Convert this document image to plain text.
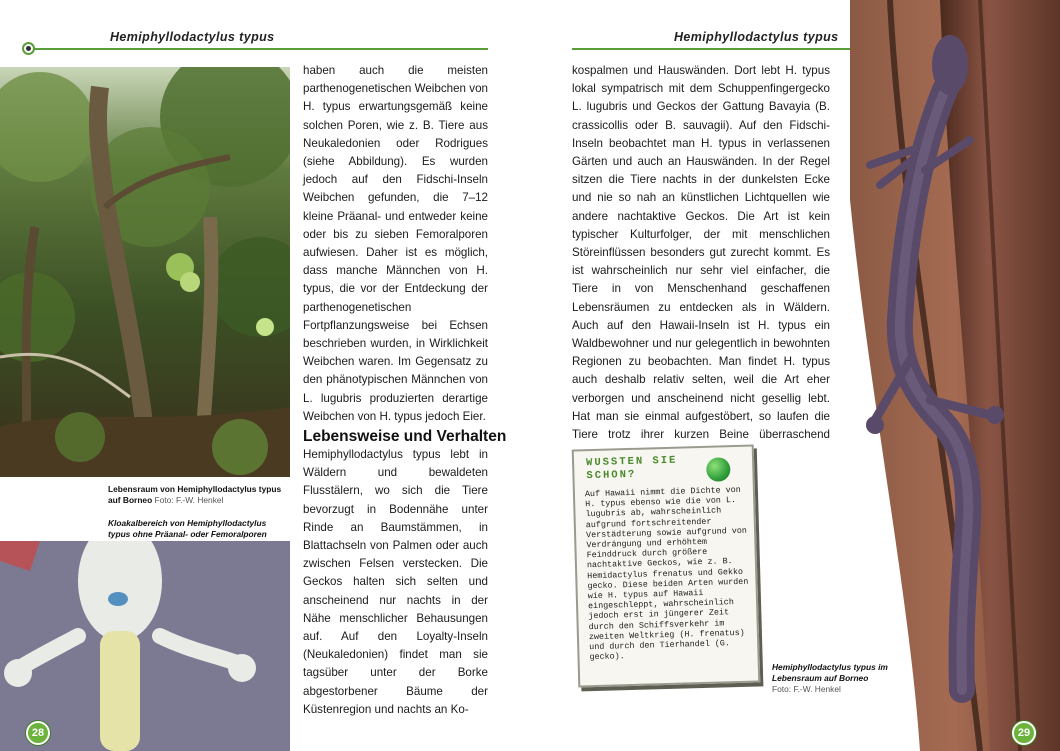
Hemiphyllodactylus typus
Lebensraum von Hemiphyllodactylus typus auf Borneo Foto: F.-W. Henkel
Kloakalbereich von Hemiphyllodactylus typus ohne Präanal- oder Femoralporen

haben auch die meisten parthenogenetischen Weibchen von H. typus erwartungsgemäß keine solchen Poren, wie z. B. Tiere aus Neukaledonien oder Rodrigues (siehe Abbildung). Es wurden jedoch auf den Fidschi-Inseln Weibchen gefunden, die 7–12 kleine Präanal- und entweder keine oder bis zu sieben Femoralporen aufwiesen. Daher ist es möglich, dass manche Männchen von H. typus, die vor der Entdeckung der parthenogenetischen Fortpflanzungsweise bei Echsen beschrieben wurden, in Wirklichkeit Weibchen waren. Im Gegensatz zu den phänotypischen Männchen von L. lugubris produzierten derartige Weibchen von H. typus jedoch Eier.

Lebensweise und Verhalten

Hemiphyllodactylus typus lebt in Wäldern und bewaldeten Flusstälern, wo sich die Tiere bevorzugt in Bodennähe unter Rinde an Baumstämmen, in Blattachseln von Palmen oder auch zwischen Felsen verstecken. Die Geckos halten sich selten und anscheinend nur nachts in der Nähe menschlicher Behausungen auf. Auf den Loyalty-Inseln (Neukaledonien) findet man sie tagsüber unter der Borke abgestorbener Bäume der Küstenregion und nachts an Ko-

28
Hemiphyllodactylus typus

kospalmen und Hauswänden. Dort lebt H. typus lokal sympatrisch mit dem Schuppenfingergecko L. lugubris und Geckos der Gattung Bavayia (B. crassicollis oder B. sauvagii). Auf den Fidschi-Inseln beobachtet man H. typus in verlassenen Gärten und auch an Hauswänden. In der Regel sitzen die Tiere nachts in der dunkelsten Ecke und nie so nah an künstlichen Lichtquellen wie andere nachtaktive Geckos. Die Art ist kein typischer Kulturfolger, der mit menschlichen Störeinflüssen besonders gut zurecht kommt. Es ist wahrscheinlich nur sehr viel einfacher, die Tiere in von Menschenhand geschaffenen Lebensräumen zu entdecken als in Wäldern. Auch auf den Hawaii-Inseln ist H. typus ein Waldbewohner und nur gelegentlich in bewohnten Regionen zu beobachten. Man findet H. typus auch deshalb relativ selten, weil die Art eher verborgen und anscheinend nicht gesellig lebt. Hat man sie einmal aufgestöbert, so laufen die Tiere trotz ihrer kurzen Beine überraschend

WUSSTEN SIE SCHON?
Auf Hawaii nimmt die Dichte von H. typus ebenso wie die von L. lugubris ab, wahrscheinlich aufgrund fortschreitender Verstädterung sowie aufgrund von Verdrängung und erhöhtem Feinddruck durch größere nachtaktive Geckos, wie z. B. Hemidactylus frenatus und Gekko gecko. Diese beiden Arten wurden wie H. typus auf Hawaii eingeschleppt, wahrscheinlich jedoch erst in jüngerer Zeit durch den Schiffsverkehr im zweiten Weltkrieg (H. frenatus) und durch den Tierhandel (G. gecko).
Hemiphyllodactylus typus im Lebensraum auf Borneo
Foto: F.-W. Henkel
29
